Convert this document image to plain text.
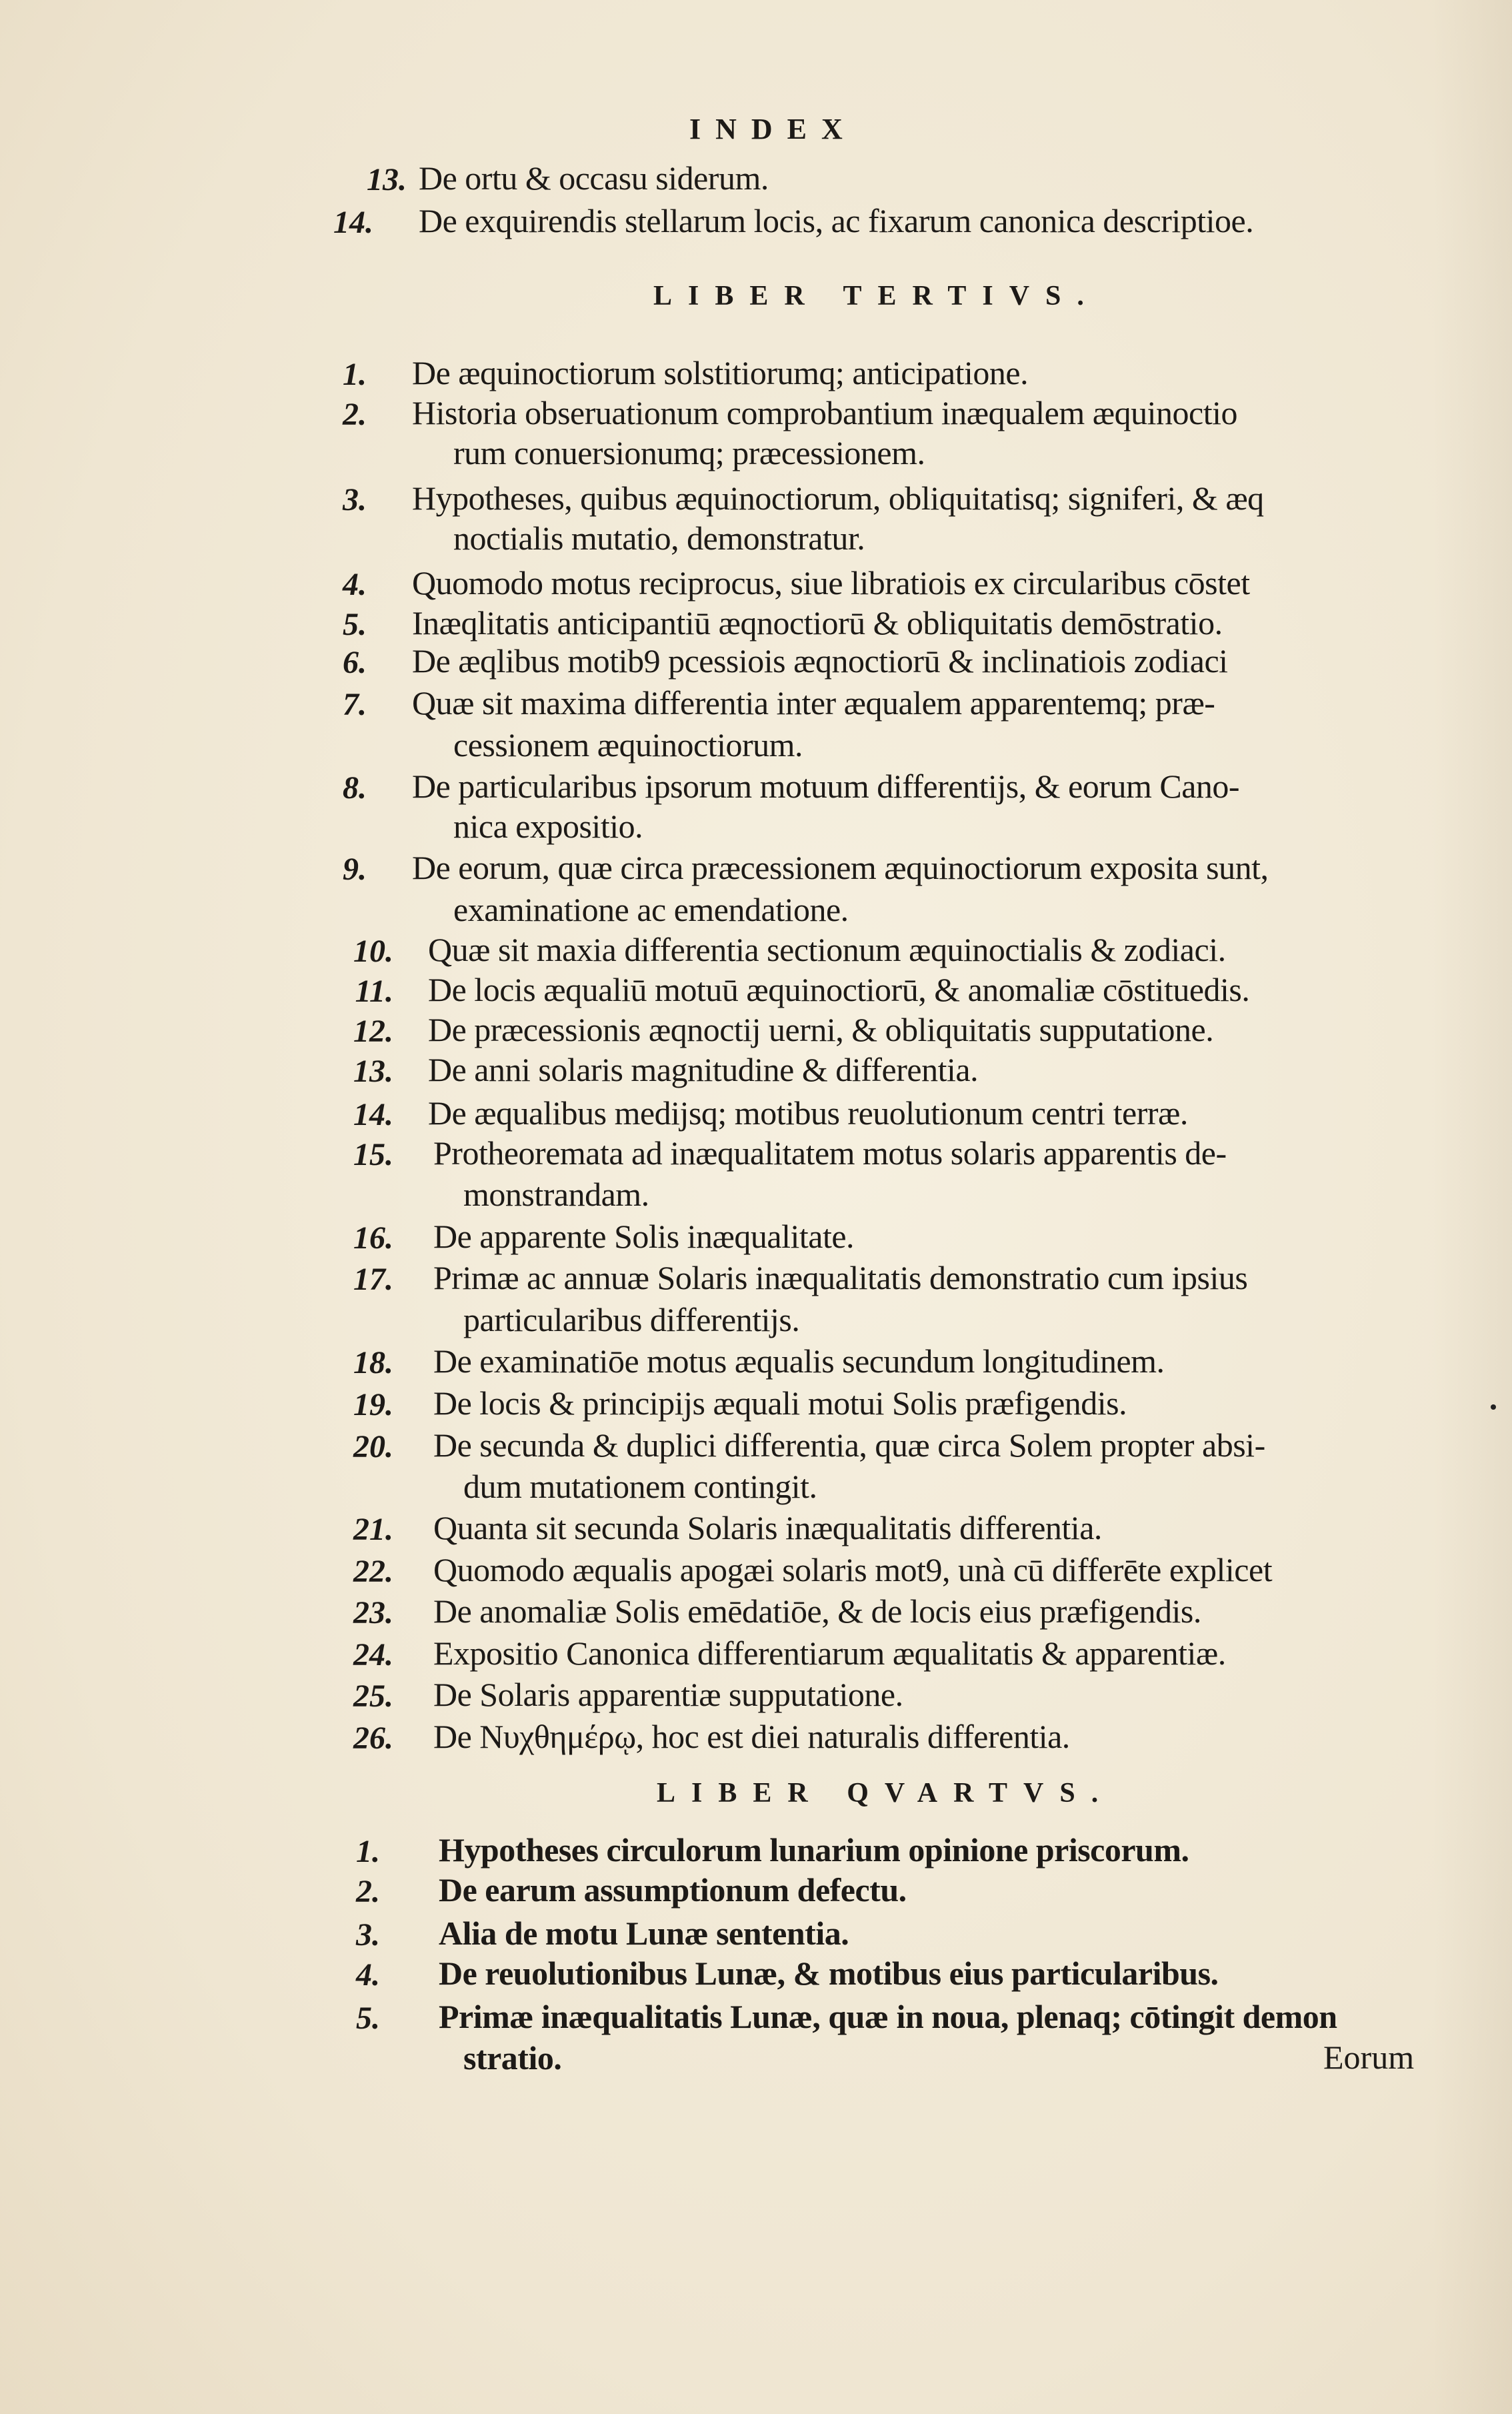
INDEX
13. De ortu & occasu siderum.
14. De exquirendis stellarum locis, ac fixarum canonica descriptioe.
LIBER TERTIVS.
1. De æquinoctiorum solstitiorumq; anticipatione.
2. Historia obseruationum comprobantium inæqualem æquinoctio
rum conuersionumq; præcessionem.
3. Hypotheses, quibus æquinoctiorum, obliquitatisq; signiferi, & æq
noctialis mutatio, demonstratur.
4. Quomodo motus reciprocus, siue libratiois ex circularibus cōstet
5. Inæqlitatis anticipantiū æqnoctiorū & obliquitatis demōstratio.
6. De æqlibus motib9 pcessiois æqnoctiorū & inclinatiois zodiaci
7. Quæ sit maxima differentia inter æqualem apparentemq; præ-
cessionem æquinoctiorum.
8. De particularibus ipsorum motuum differentijs, & eorum Cano-
nica expositio.
9. De eorum, quæ circa præcessionem æquinoctiorum exposita sunt,
examinatione ac emendatione.
10. Quæ sit maxia differentia sectionum æquinoctialis & zodiaci.
11. De locis æqualiū motuū æquinoctiorū, & anomaliæ cōstituedis.
12. De præcessionis æqnoctij uerni, & obliquitatis supputatione.
13. De anni solaris magnitudine & differentia.
14. De æqualibus medijsq; motibus reuolutionum centri terræ.
15. Protheoremata ad inæqualitatem motus solaris apparentis de-
monstrandam.
16. De apparente Solis inæqualitate.
17. Primæ ac annuæ Solaris inæqualitatis demonstratio cum ipsius
particularibus differentijs.
18. De examinatiōe motus æqualis secundum longitudinem.
19. De locis & principijs æquali motui Solis præfigendis.
20. De secunda & duplici differentia, quæ circa Solem propter absi-
dum mutationem contingit.
21. Quanta sit secunda Solaris inæqualitatis differentia.
22. Quomodo æqualis apogæi solaris mot9, unà cū differēte explicet
23. De anomaliæ Solis emēdatiōe, & de locis eius præfigendis.
24. Expositio Canonica differentiarum æqualitatis & apparentiæ.
25. De Solaris apparentiæ supputatione.
26. De Νυχθημέρῳ, hoc est diei naturalis differentia.
LIBER QVARTVS.
1. Hypotheses circulorum lunarium opinione priscorum.
2. De earum assumptionum defectu.
3. Alia de motu Lunæ sententia.
4. De reuolutionibus Lunæ, & motibus eius particularibus.
5. Primæ inæqualitatis Lunæ, quæ in noua, plenaq; cōtingit demon
stratio.	Eorum
